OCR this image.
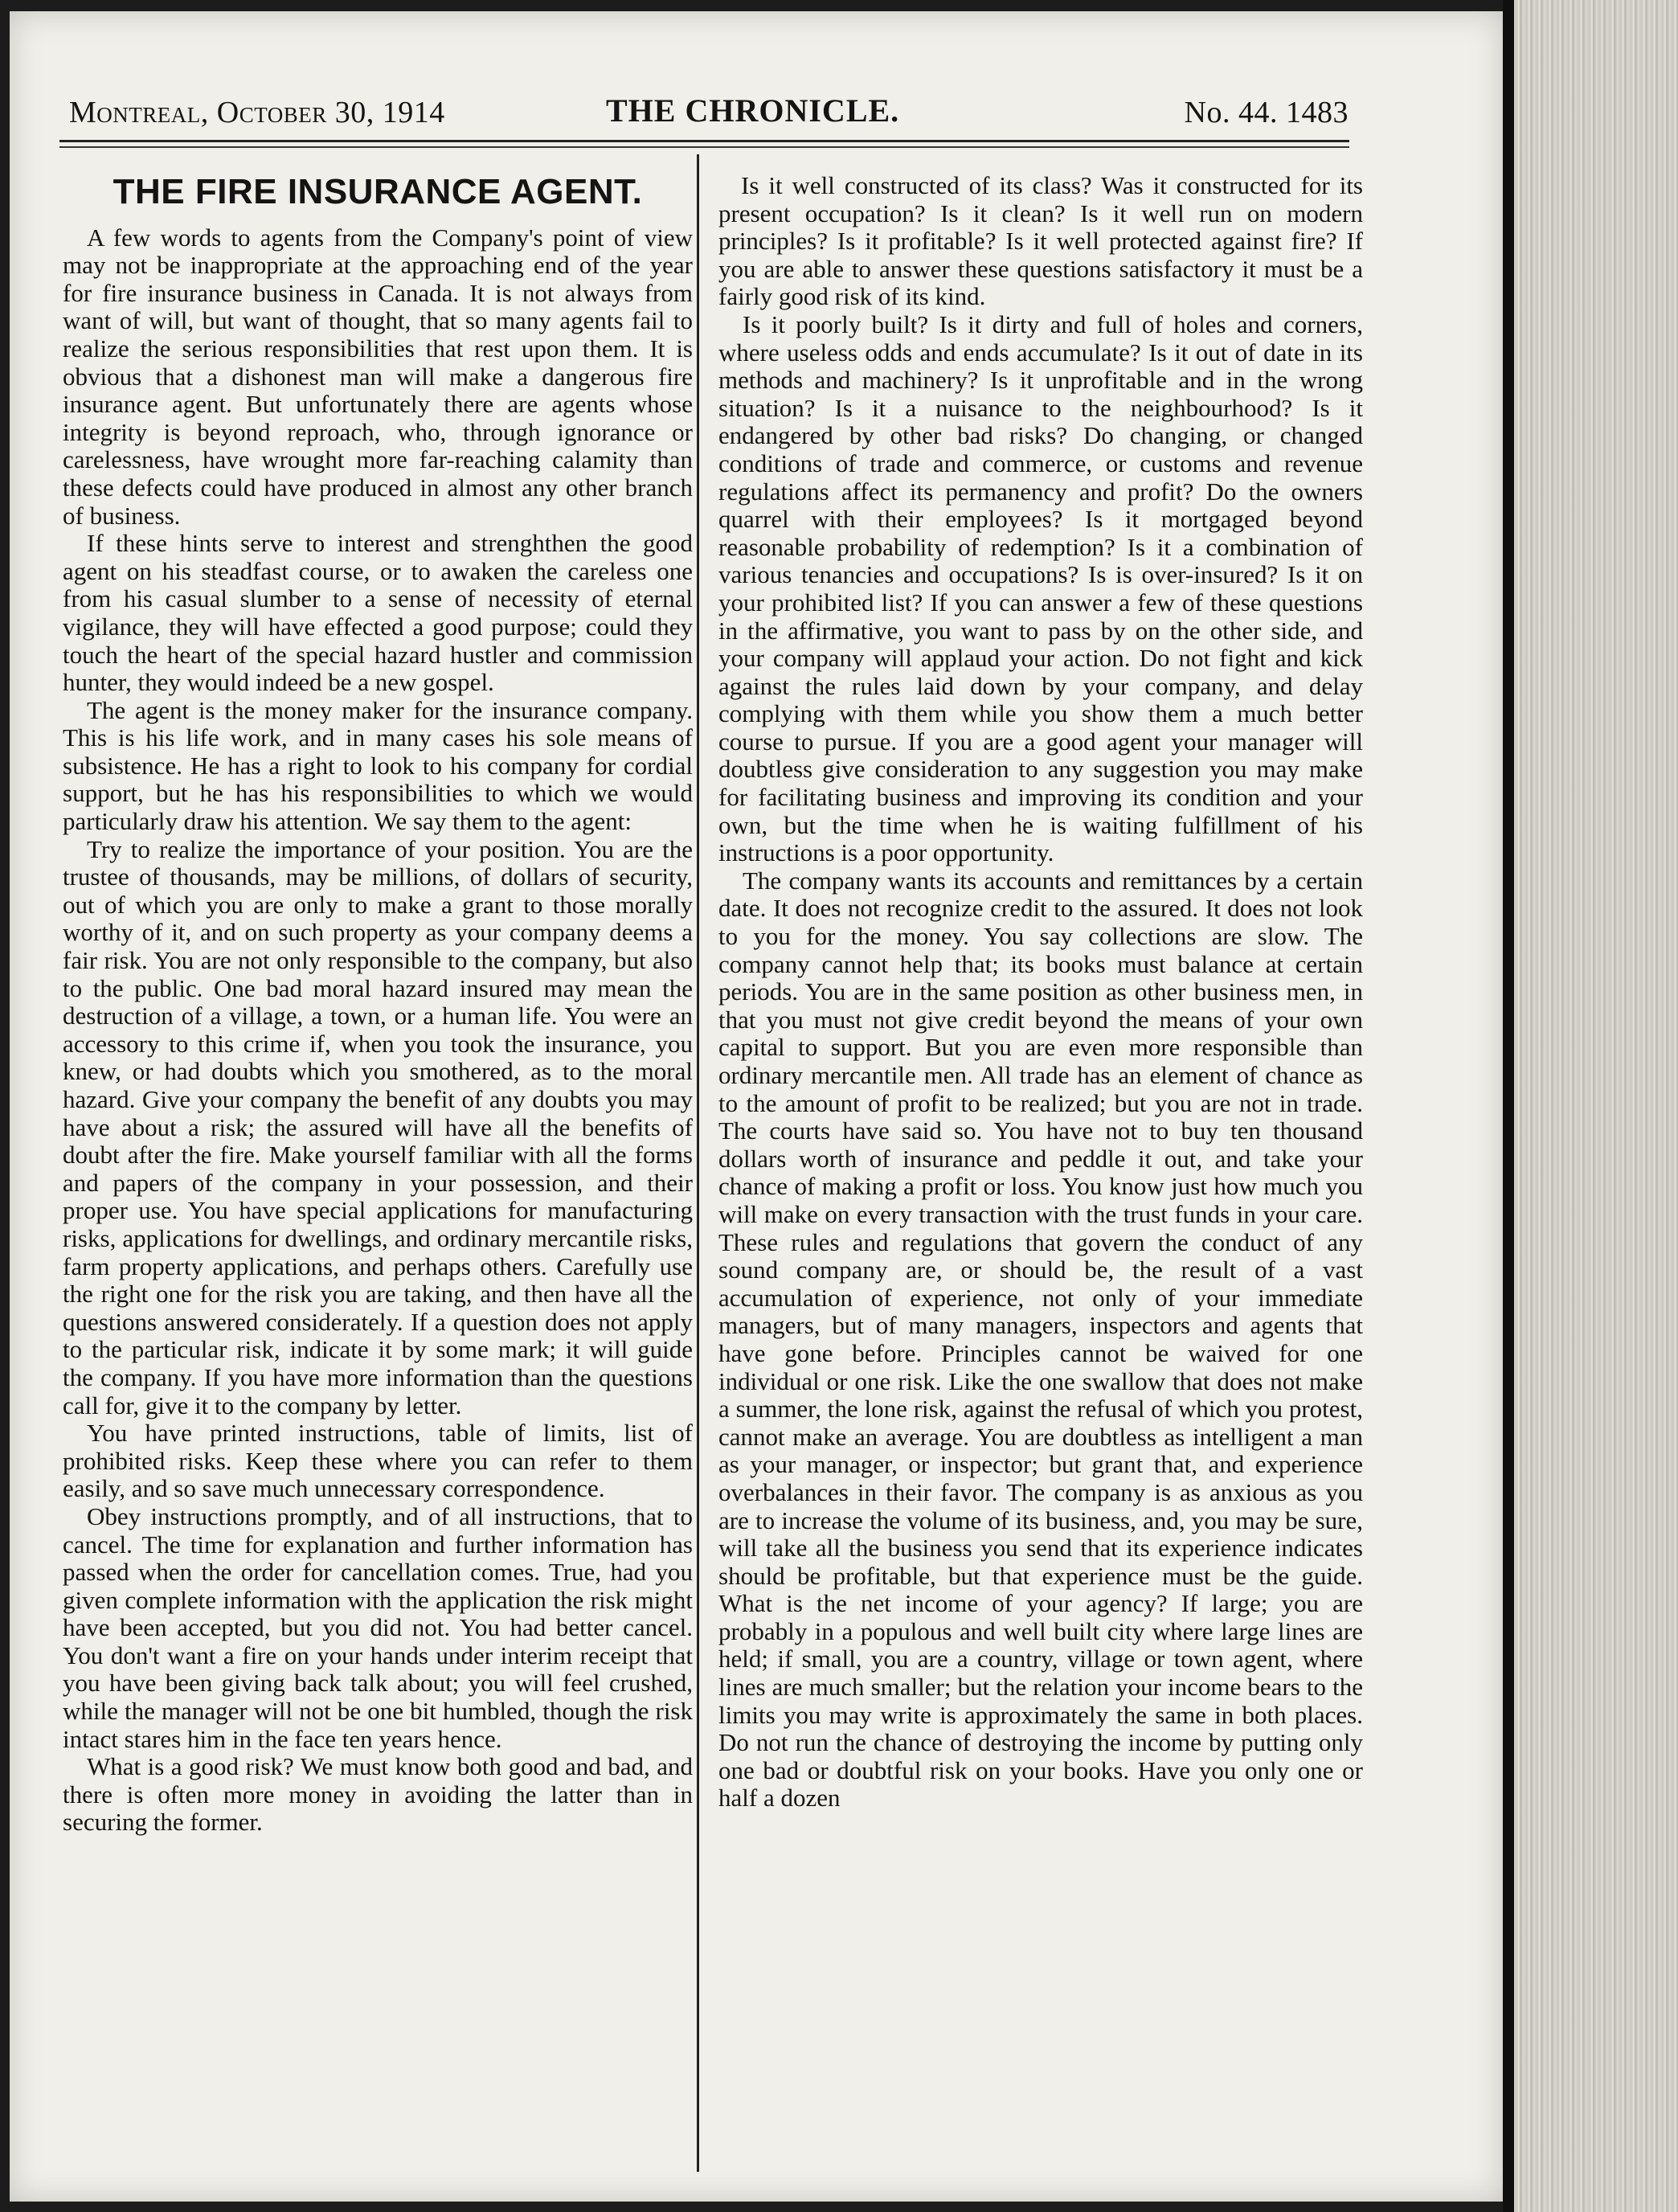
Montreal, October 30, 1914	THE CHRONICLE.	No. 44. 1483
THE FIRE INSURANCE AGENT.

A few words to agents from the Company's point of view may not be inappropriate at the approaching end of the year for fire insurance business in Canada. It is not always from want of will, but want of thought, that so many agents fail to realize the serious responsibilities that rest upon them. It is obvious that a dishonest man will make a dangerous fire insurance agent. But unfortunately there are agents whose integrity is beyond reproach, who, through ignorance or carelessness, have wrought more far-reaching calamity than these defects could have produced in almost any other branch of business.

If these hints serve to interest and strenghthen the good agent on his steadfast course, or to awaken the careless one from his casual slumber to a sense of necessity of eternal vigilance, they will have effected a good purpose; could they touch the heart of the special hazard hustler and commission hunter, they would indeed be a new gospel.

The agent is the money maker for the insurance company. This is his life work, and in many cases his sole means of subsistence. He has a right to look to his company for cordial support, but he has his responsibilities to which we would particularly draw his attention. We say them to the agent:

Try to realize the importance of your position. You are the trustee of thousands, may be millions, of dollars of security, out of which you are only to make a grant to those morally worthy of it, and on such property as your company deems a fair risk. You are not only responsible to the company, but also to the public. One bad moral hazard insured may mean the destruction of a village, a town, or a human life. You were an accessory to this crime if, when you took the insurance, you knew, or had doubts which you smothered, as to the moral hazard. Give your company the benefit of any doubts you may have about a risk; the assured will have all the benefits of doubt after the fire. Make yourself familiar with all the forms and papers of the company in your possession, and their proper use. You have special applications for manufacturing risks, applications for dwellings, and ordinary mercantile risks, farm property applications, and perhaps others. Carefully use the right one for the risk you are taking, and then have all the questions answered considerately. If a question does not apply to the particular risk, indicate it by some mark; it will guide the company. If you have more information than the questions call for, give it to the company by letter.

You have printed instructions, table of limits, list of prohibited risks. Keep these where you can refer to them easily, and so save much unnecessary correspondence.

Obey instructions promptly, and of all instructions, that to cancel. The time for explanation and further information has passed when the order for cancellation comes. True, had you given complete information with the application the risk might have been accepted, but you did not. You had better cancel. You don't want a fire on your hands under interim receipt that you have been giving back talk about; you will feel crushed, while the manager will not be one bit humbled, though the risk intact stares him in the face ten years hence.

What is a good risk? We must know both good and bad, and there is often more money in avoiding the latter than in securing the former.

Is it well constructed of its class? Was it constructed for its present occupation? Is it clean? Is it well run on modern principles? Is it profitable? Is it well protected against fire? If you are able to answer these questions satisfactory it must be a fairly good risk of its kind.

Is it poorly built? Is it dirty and full of holes and corners, where useless odds and ends accumulate? Is it out of date in its methods and machinery? Is it unprofitable and in the wrong situation? Is it a nuisance to the neighbourhood? Is it endangered by other bad risks? Do changing, or changed conditions of trade and commerce, or customs and revenue regulations affect its permanency and profit? Do the owners quarrel with their employees? Is it mortgaged beyond reasonable probability of redemption? Is it a combination of various tenancies and occupations? Is is over-insured? Is it on your prohibited list? If you can answer a few of these questions in the affirmative, you want to pass by on the other side, and your company will applaud your action. Do not fight and kick against the rules laid down by your company, and delay complying with them while you show them a much better course to pursue. If you are a good agent your manager will doubtless give consideration to any suggestion you may make for facilitating business and improving its condition and your own, but the time when he is waiting fulfillment of his instructions is a poor opportunity.

The company wants its accounts and remittances by a certain date. It does not recognize credit to the assured. It does not look to you for the money. You say collections are slow. The company cannot help that; its books must balance at certain periods. You are in the same position as other business men, in that you must not give credit beyond the means of your own capital to support. But you are even more responsible than ordinary mercantile men. All trade has an element of chance as to the amount of profit to be realized; but you are not in trade. The courts have said so. You have not to buy ten thousand dollars worth of insurance and peddle it out, and take your chance of making a profit or loss. You know just how much you will make on every transaction with the trust funds in your care. These rules and regulations that govern the conduct of any sound company are, or should be, the result of a vast accumulation of experience, not only of your immediate managers, but of many managers, inspectors and agents that have gone before. Principles cannot be waived for one individual or one risk. Like the one swallow that does not make a summer, the lone risk, against the refusal of which you protest, cannot make an average. You are doubtless as intelligent a man as your manager, or inspector; but grant that, and experience overbalances in their favor. The company is as anxious as you are to increase the volume of its business, and, you may be sure, will take all the business you send that its experience indicates should be profitable, but that experience must be the guide. What is the net income of your agency? If large; you are probably in a populous and well built city where large lines are held; if small, you are a country, village or town agent, where lines are much smaller; but the relation your income bears to the limits you may write is approximately the same in both places. Do not run the chance of destroying the income by putting only one bad or doubtful risk on your books. Have you only one or half a dozen
